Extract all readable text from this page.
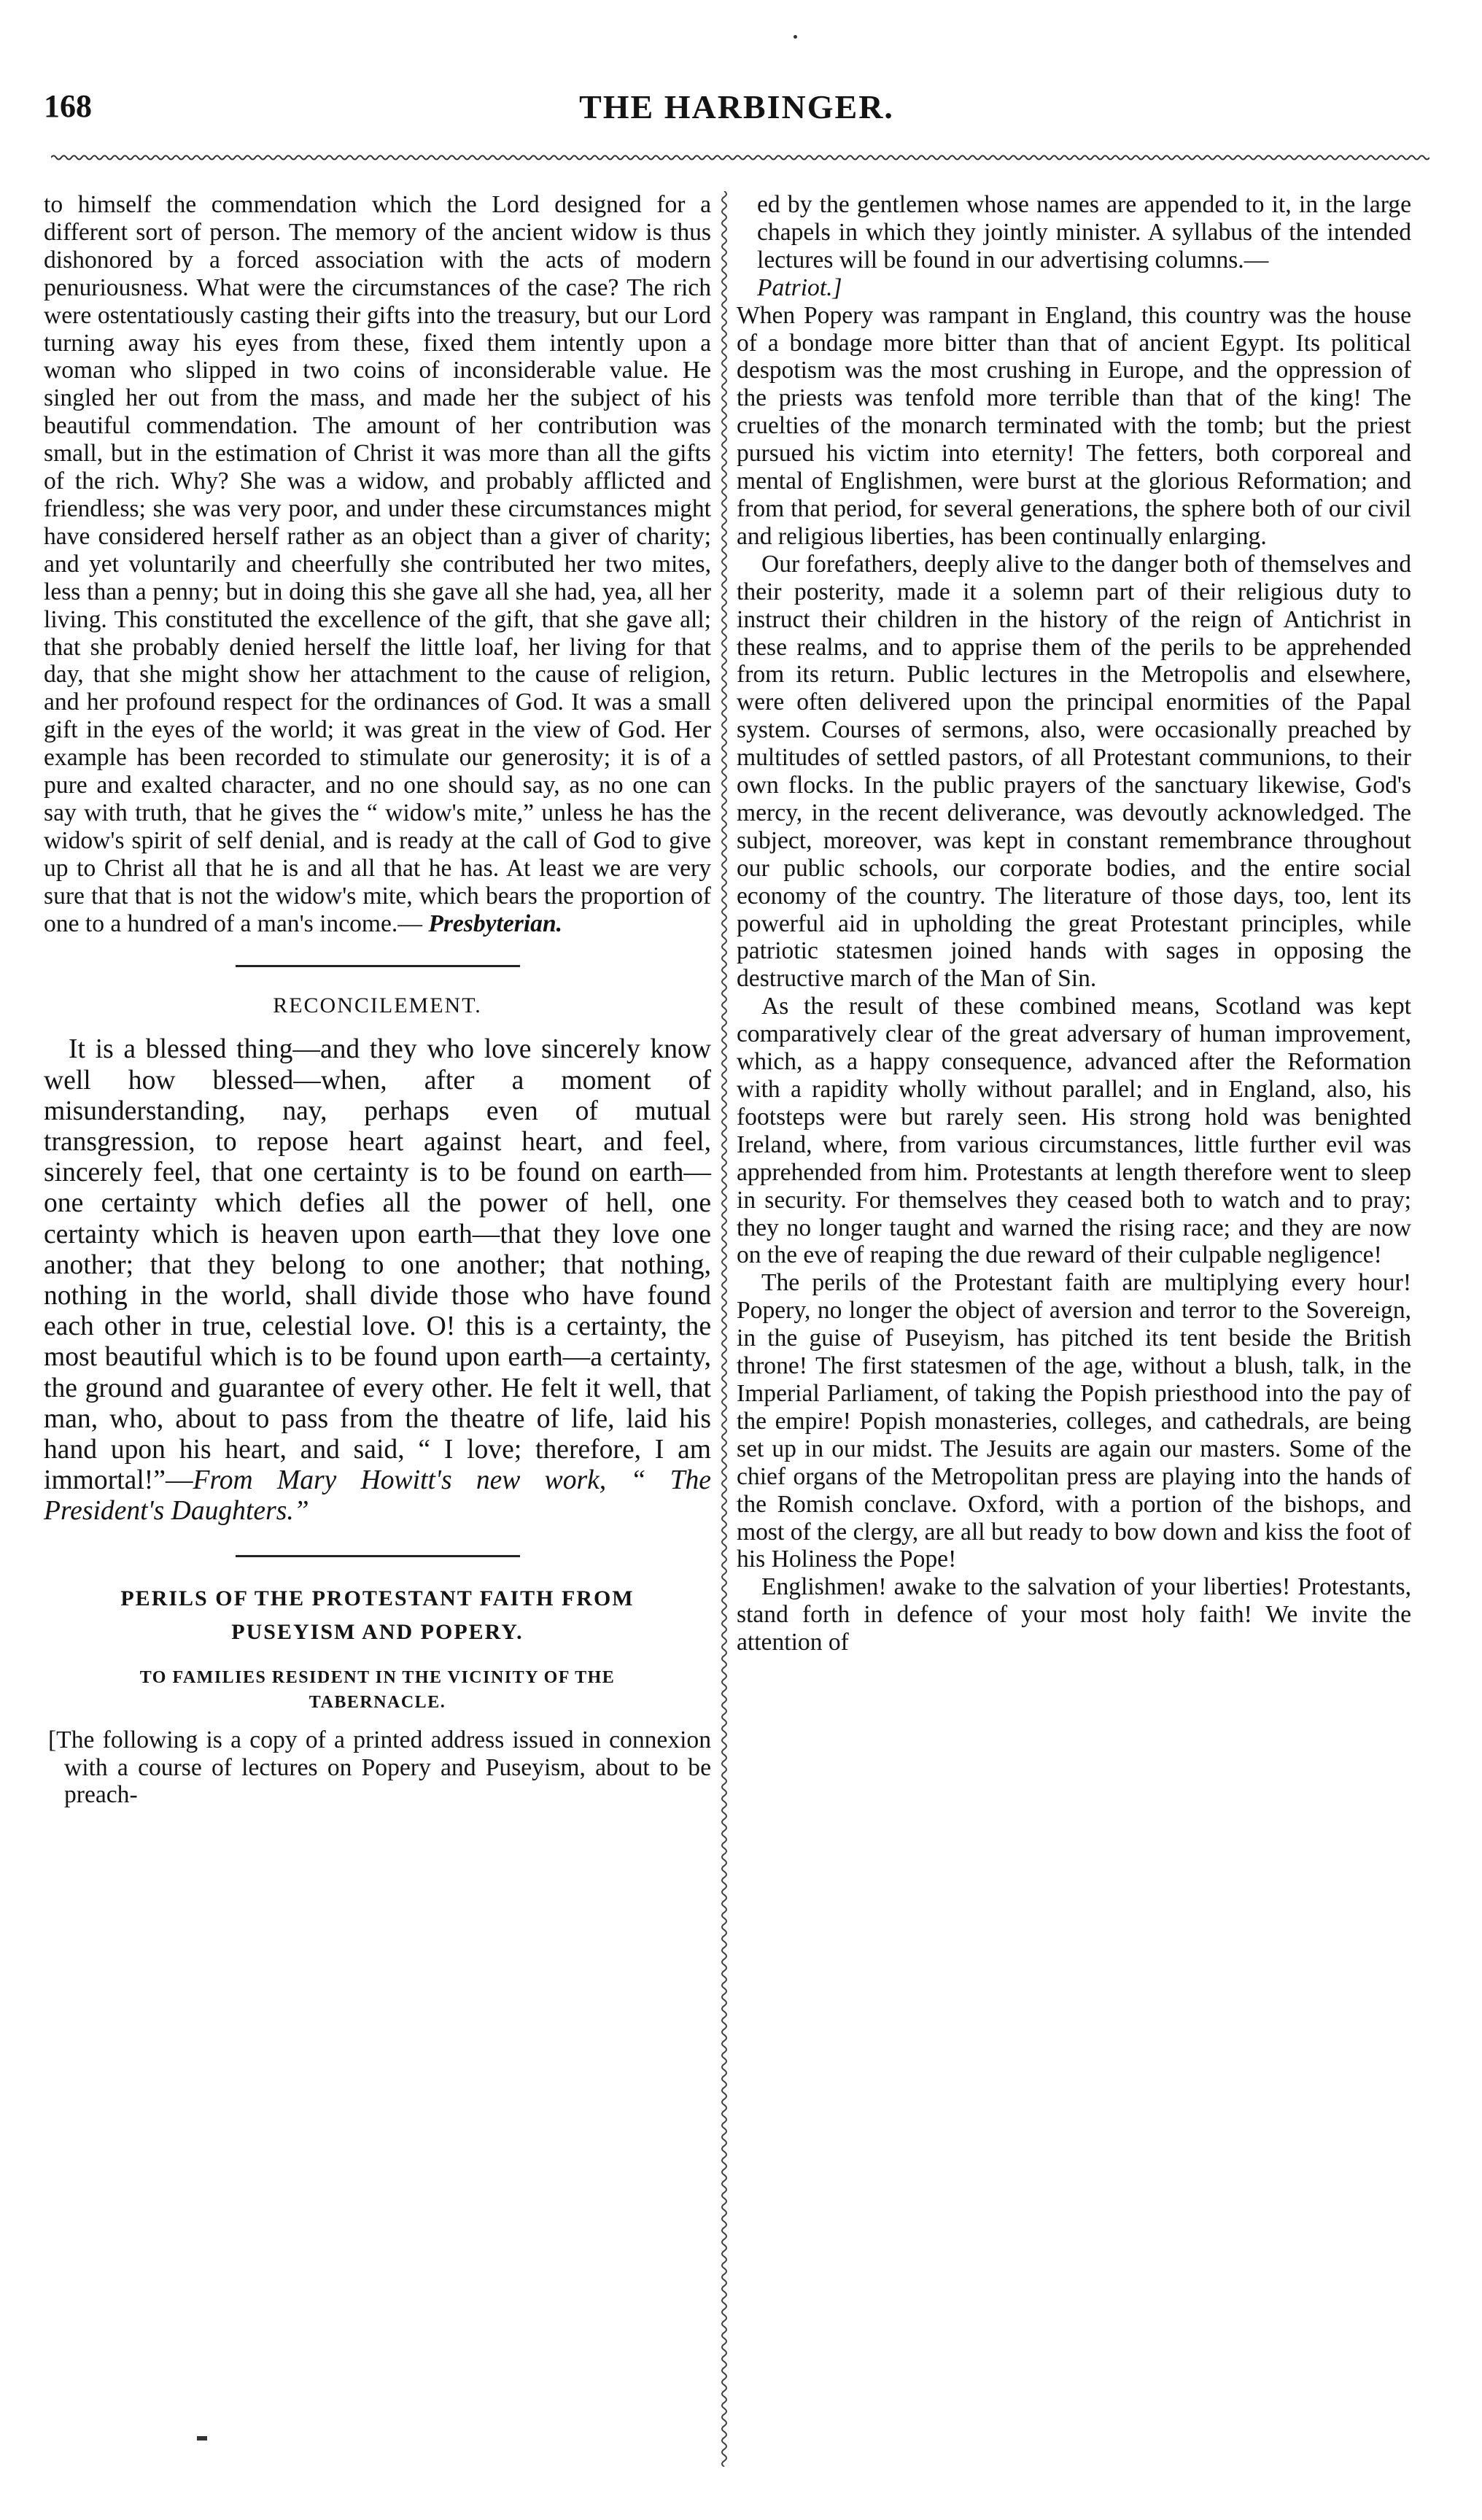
168	THE HARBINGER.

to himself the commendation which the Lord designed for a different sort of person. The memory of the ancient widow is thus dishonored by a forced association with the acts of modern penuriousness. What were the circumstances of the case? The rich were ostentatiously casting their gifts into the treasury, but our Lord turning away his eyes from these, fixed them intently upon a woman who slipped in two coins of inconsiderable value. He singled her out from the mass, and made her the subject of his beautiful commendation. The amount of her contribution was small, but in the estimation of Christ it was more than all the gifts of the rich. Why? She was a widow, and probably afflicted and friendless; she was very poor, and under these circumstances might have considered herself rather as an object than a giver of charity; and yet voluntarily and cheerfully she contributed her two mites, less than a penny; but in doing this she gave all she had, yea, all her living. This constituted the excellence of the gift, that she gave all; that she probably denied herself the little loaf, her living for that day, that she might show her attachment to the cause of religion, and her profound respect for the ordinances of God. It was a small gift in the eyes of the world; it was great in the view of God. Her example has been recorded to stimulate our generosity; it is of a pure and exalted character, and no one should say, as no one can say with truth, that he gives the “ widow's mite,” unless he has the widow's spirit of self denial, and is ready at the call of God to give up to Christ all that he is and all that he has. At least we are very sure that that is not the widow's mite, which bears the proportion of one to a hundred of a man's income.— Presbyterian.

RECONCILEMENT.

It is a blessed thing—and they who love sincerely know well how blessed—when, after a moment of misunderstanding, nay, perhaps even of mutual transgression, to repose heart against heart, and feel, sincerely feel, that one certainty is to be found on earth—one certainty which defies all the power of hell, one certainty which is heaven upon earth—that they love one another; that they belong to one another; that nothing, nothing in the world, shall divide those who have found each other in true, celestial love. O! this is a certainty, the most beautiful which is to be found upon earth—a certainty, the ground and guarantee of every other. He felt it well, that man, who, about to pass from the theatre of life, laid his hand upon his heart, and said, “ I love; therefore, I am immortal!”—From Mary Howitt's new work, “ The President's Daughters.”

PERILS OF THE PROTESTANT FAITH FROM
PUSEYISM AND POPERY.

TO FAMILIES RESIDENT IN THE VICINITY OF THE
TABERNACLE.

[The following is a copy of a printed address issued in connexion with a course of lectures on Popery and Puseyism, about to be preach-

ed by the gentlemen whose names are appended to it, in the large chapels in which they jointly minister. A syllabus of the intended lectures will be found in our advertising columns.—
Patriot.]

When Popery was rampant in England, this country was the house of a bondage more bitter than that of ancient Egypt. Its political despotism was the most crushing in Europe, and the oppression of the priests was tenfold more terrible than that of the king! The cruelties of the monarch terminated with the tomb; but the priest pursued his victim into eternity! The fetters, both corporeal and mental of Englishmen, were burst at the glorious Reformation; and from that period, for several generations, the sphere both of our civil and religious liberties, has been continually enlarging.

Our forefathers, deeply alive to the danger both of themselves and their posterity, made it a solemn part of their religious duty to instruct their children in the history of the reign of Antichrist in these realms, and to apprise them of the perils to be apprehended from its return. Public lectures in the Metropolis and elsewhere, were often delivered upon the principal enormities of the Papal system. Courses of sermons, also, were occasionally preached by multitudes of settled pastors, of all Protestant communions, to their own flocks. In the public prayers of the sanctuary likewise, God's mercy, in the recent deliverance, was devoutly acknowledged. The subject, moreover, was kept in constant remembrance throughout our public schools, our corporate bodies, and the entire social economy of the country. The literature of those days, too, lent its powerful aid in upholding the great Protestant principles, while patriotic statesmen joined hands with sages in opposing the destructive march of the Man of Sin.

As the result of these combined means, Scotland was kept comparatively clear of the great adversary of human improvement, which, as a happy consequence, advanced after the Reformation with a rapidity wholly without parallel; and in England, also, his footsteps were but rarely seen. His strong hold was benighted Ireland, where, from various circumstances, little further evil was apprehended from him. Protestants at length therefore went to sleep in security. For themselves they ceased both to watch and to pray; they no longer taught and warned the rising race; and they are now on the eve of reaping the due reward of their culpable negligence!

The perils of the Protestant faith are multiplying every hour! Popery, no longer the object of aversion and terror to the Sovereign, in the guise of Puseyism, has pitched its tent beside the British throne! The first statesmen of the age, without a blush, talk, in the Imperial Parliament, of taking the Popish priesthood into the pay of the empire! Popish monasteries, colleges, and cathedrals, are being set up in our midst. The Jesuits are again our masters. Some of the chief organs of the Metropolitan press are playing into the hands of the Romish conclave. Oxford, with a portion of the bishops, and most of the clergy, are all but ready to bow down and kiss the foot of his Holiness the Pope!

Englishmen! awake to the salvation of your liberties! Protestants, stand forth in defence of your most holy faith! We invite the attention of
